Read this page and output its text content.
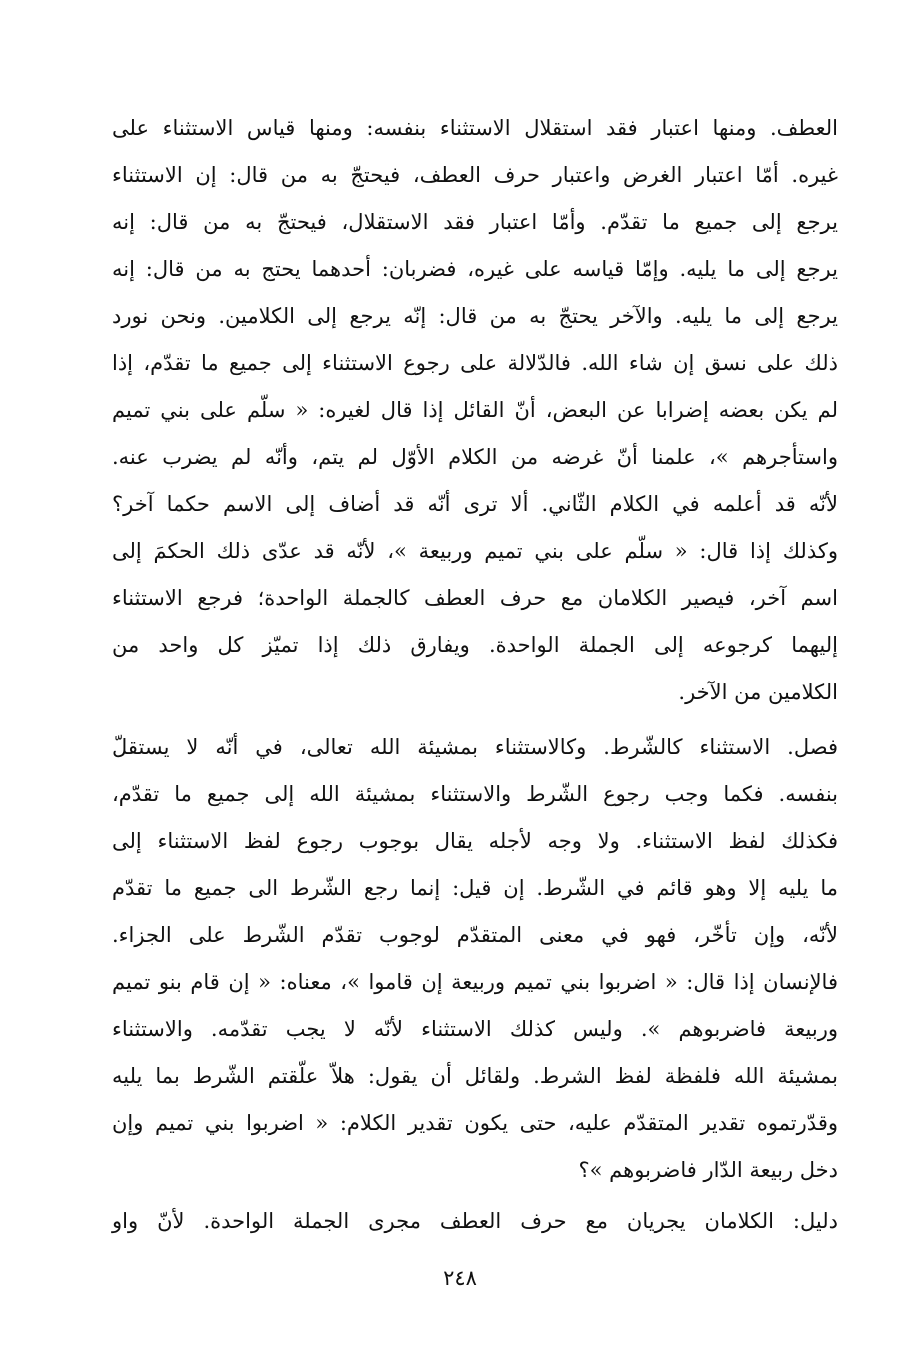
العطف. ومنها اعتبار فقد استقلال الاستثناء بنفسه: ومنها قياس الاستثناء على
غيره. أمّا اعتبار الغرض واعتبار حرف العطف، فيحتجّ به من قال: إن الاستثناء
يرجع إلى جميع ما تقدّم. وأمّا اعتبار فقد الاستقلال، فيحتجّ به من قال: إنه
يرجع إلى ما يليه. وإمّا قياسه على غيره، فضربان: أحدهما يحتج به من قال: إنه
يرجع إلى ما يليه. والآخر يحتجّ به من قال: إنّه يرجع إلى الكلامين. ونحن نورد
ذلك على نسق إن شاء الله. فالدّلالة على رجوع الاستثناء إلى جميع ما تقدّم، إذا
لم يكن بعضه إضرابا عن البعض، أنّ القائل إذا قال لغيره: « سلّم على بني تميم
واستأجرهم »، علمنا أنّ غرضه من الكلام الأوّل لم يتم، وأنّه لم يضرب عنه.
لأنّه قد أعلمه في الكلام الثّاني. ألا ترى أنّه قد أضاف إلى الاسم حكما آخر؟
وكذلك إذا قال: « سلّم على بني تميم وربيعة »، لأنّه قد عدّى ذلك الحكمَ إلى
اسم آخر، فيصير الكلامان مع حرف العطف كالجملة الواحدة؛ فرجع الاستثناء
إليهما كرجوعه إلى الجملة الواحدة. ويفارق ذلك إذا تميّز كل واحد من
الكلامين من الآخر.
فصل. الاستثناء كالشّرط. وكالاستثناء بمشيئة الله تعالى، في أنّه لا يستقلّ
بنفسه. فكما وجب رجوع الشّرط والاستثناء بمشيئة الله إلى جميع ما تقدّم،
فكذلك لفظ الاستثناء. ولا وجه لأجله يقال بوجوب رجوع لفظ الاستثناء إلى
ما يليه إلا وهو قائم في الشّرط. إن قيل: إنما رجع الشّرط الى جميع ما تقدّم
لأنّه، وإن تأخّر، فهو في معنى المتقدّم لوجوب تقدّم الشّرط على الجزاء.
فالإنسان إذا قال: « اضربوا بني تميم وربيعة إن قاموا »، معناه: « إن قام بنو تميم
وربيعة فاضربوهم ». وليس كذلك الاستثناء لأنّه لا يجب تقدّمه. والاستثناء
بمشيئة الله فلفظة لفظ الشرط. ولقائل أن يقول: هلاّ علّقتم الشّرط بما يليه
وقدّرتموه تقدير المتقدّم عليه، حتى يكون تقدير الكلام: « اضربوا بني تميم وإن
دخل ربيعة الدّار فاضربوهم »؟
دليل: الكلامان يجريان مع حرف العطف مجرى الجملة الواحدة. لأنّ واو
٢٤٨
